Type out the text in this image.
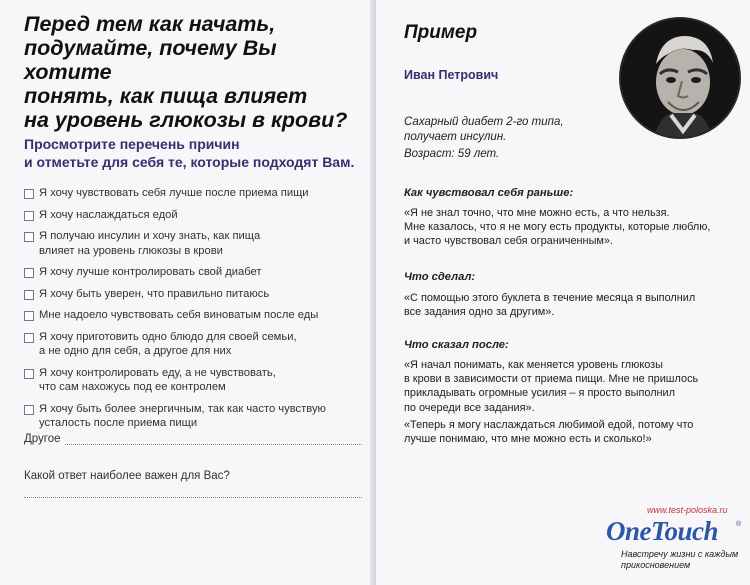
Перед тем как начать,
подумайте, почему Вы хотите
понять, как пища влияет
на уровень глюкозы в крови?
Просмотрите перечень причин
и отметьте для себя те, которые подходят Вам.
Я хочу чувствовать себя лучше после приема пищи
Я хочу наслаждаться едой
Я получаю инсулин и хочу знать, как пища
влияет на уровень глюкозы в крови
Я хочу лучше контролировать свой диабет
Я хочу быть уверен, что правильно питаюсь
Мне надоело чувствовать себя виноватым после еды
Я хочу приготовить одно блюдо для своей семьи,
а не одно для себя, а другое для них
Я хочу контролировать еду, а не чувствовать,
что сам нахожусь под ее контролем
Я хочу быть более энергичным, так как часто чувствую
усталость после приема пищи
Другое
Какой ответ наиболее важен для Вас?
Пример
Иван Петрович
Сахарный диабет 2-го типа,
получает инсулин.
Возраст: 59 лет.
Как чувствовал себя раньше:
«Я не знал точно, что мне можно есть, а что нельзя.
Мне казалось, что я не могу есть продукты, которые люблю,
и часто чувствовал себя ограниченным».
Что сделал:
«С помощью этого буклета в течение месяца я выполнил
все задания одно за другим».
Что сказал после:
«Я начал понимать, как меняется уровень глюкозы
в крови в зависимости от приема пищи. Мне не пришлось
прикладывать огромные усилия – я просто выполнил
по очереди все задания».
«Теперь я могу наслаждаться любимой едой, потому что
лучше понимаю, что мне можно есть и сколько!»
www.test-poloska.ru
OneTouch	®
Навстречу жизни с каждым
прикосновением
